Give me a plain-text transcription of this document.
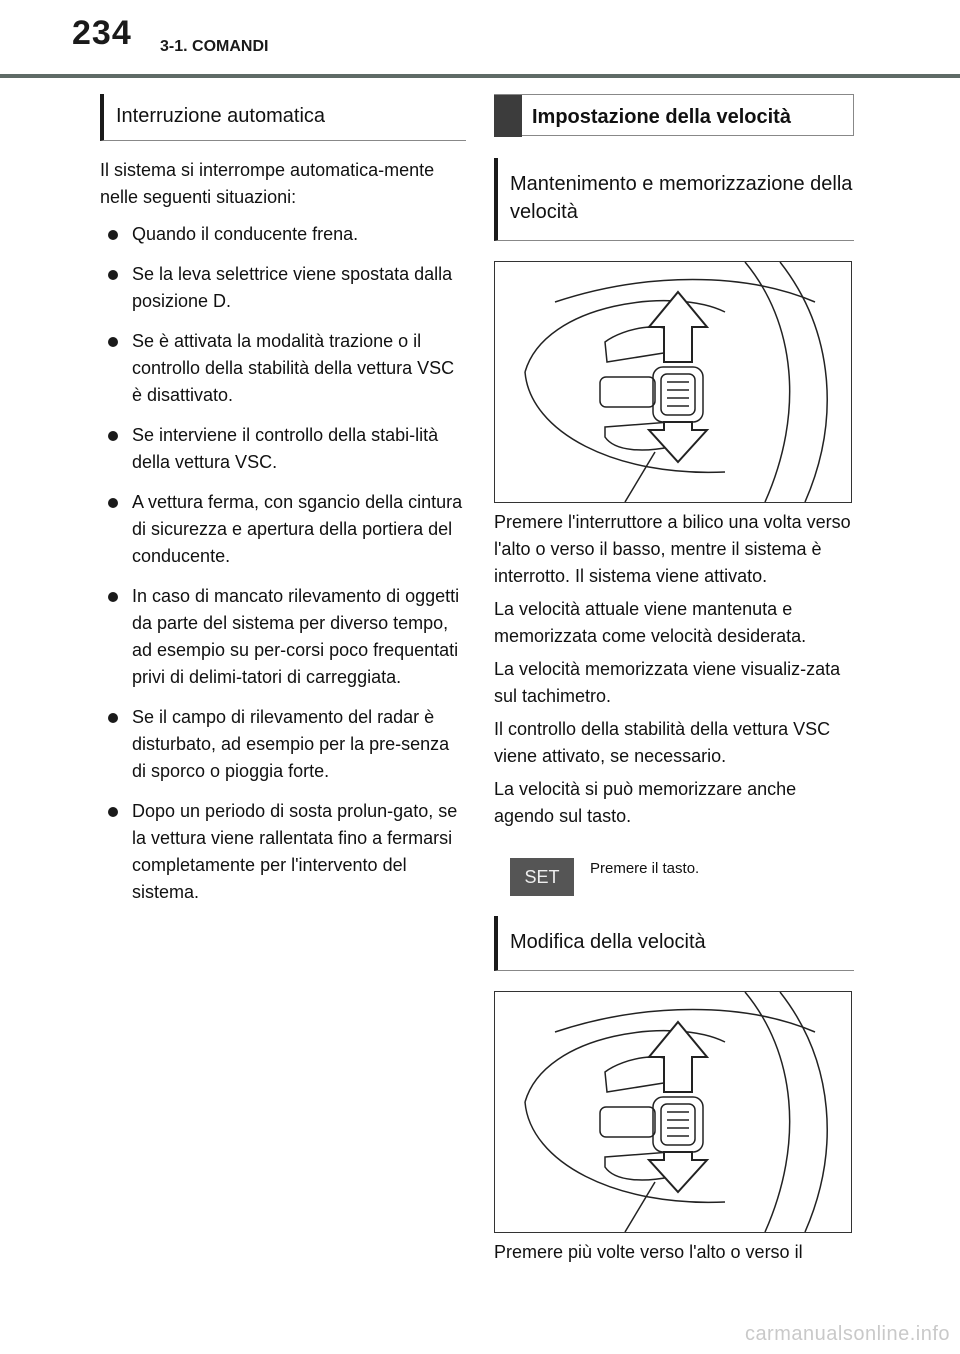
234 3-1. COMANDI
Interruzione automatica

Il sistema si interrompe automatica-mente nelle seguenti situazioni:

Quando il conducente frena.
Se la leva selettrice viene spostata dalla posizione D.
Se è attivata la modalità trazione o il controllo della stabilità della vettura VSC è disattivato.
Se interviene il controllo della stabi-lità della vettura VSC.
A vettura ferma, con sgancio della cintura di sicurezza e apertura della portiera del conducente.
In caso di mancato rilevamento di oggetti da parte del sistema per diverso tempo, ad esempio su per-corsi poco frequentati privi di delimi-tatori di carreggiata.
Se il campo di rilevamento del radar è disturbato, ad esempio per la pre-senza di sporco o pioggia forte.
Dopo un periodo di sosta prolun-gato, se la vettura viene rallentata fino a fermarsi completamente per l'intervento del sistema.
Impostazione della velocità
Mantenimento e memorizzazione della velocità

Premere l'interruttore a bilico una volta verso l'alto o verso il basso, mentre il sistema è interrotto. Il sistema viene attivato.

La velocità attuale viene mantenuta e memorizzata come velocità desiderata.

La velocità memorizzata viene visualiz-zata sul tachimetro.

Il controllo della stabilità della vettura VSC viene attivato, se necessario.

La velocità si può memorizzare anche agendo sul tasto.

SET	Premere il tasto.
Modifica della velocità

Premere più volte verso l'alto o verso il

carmanualsonline.info
